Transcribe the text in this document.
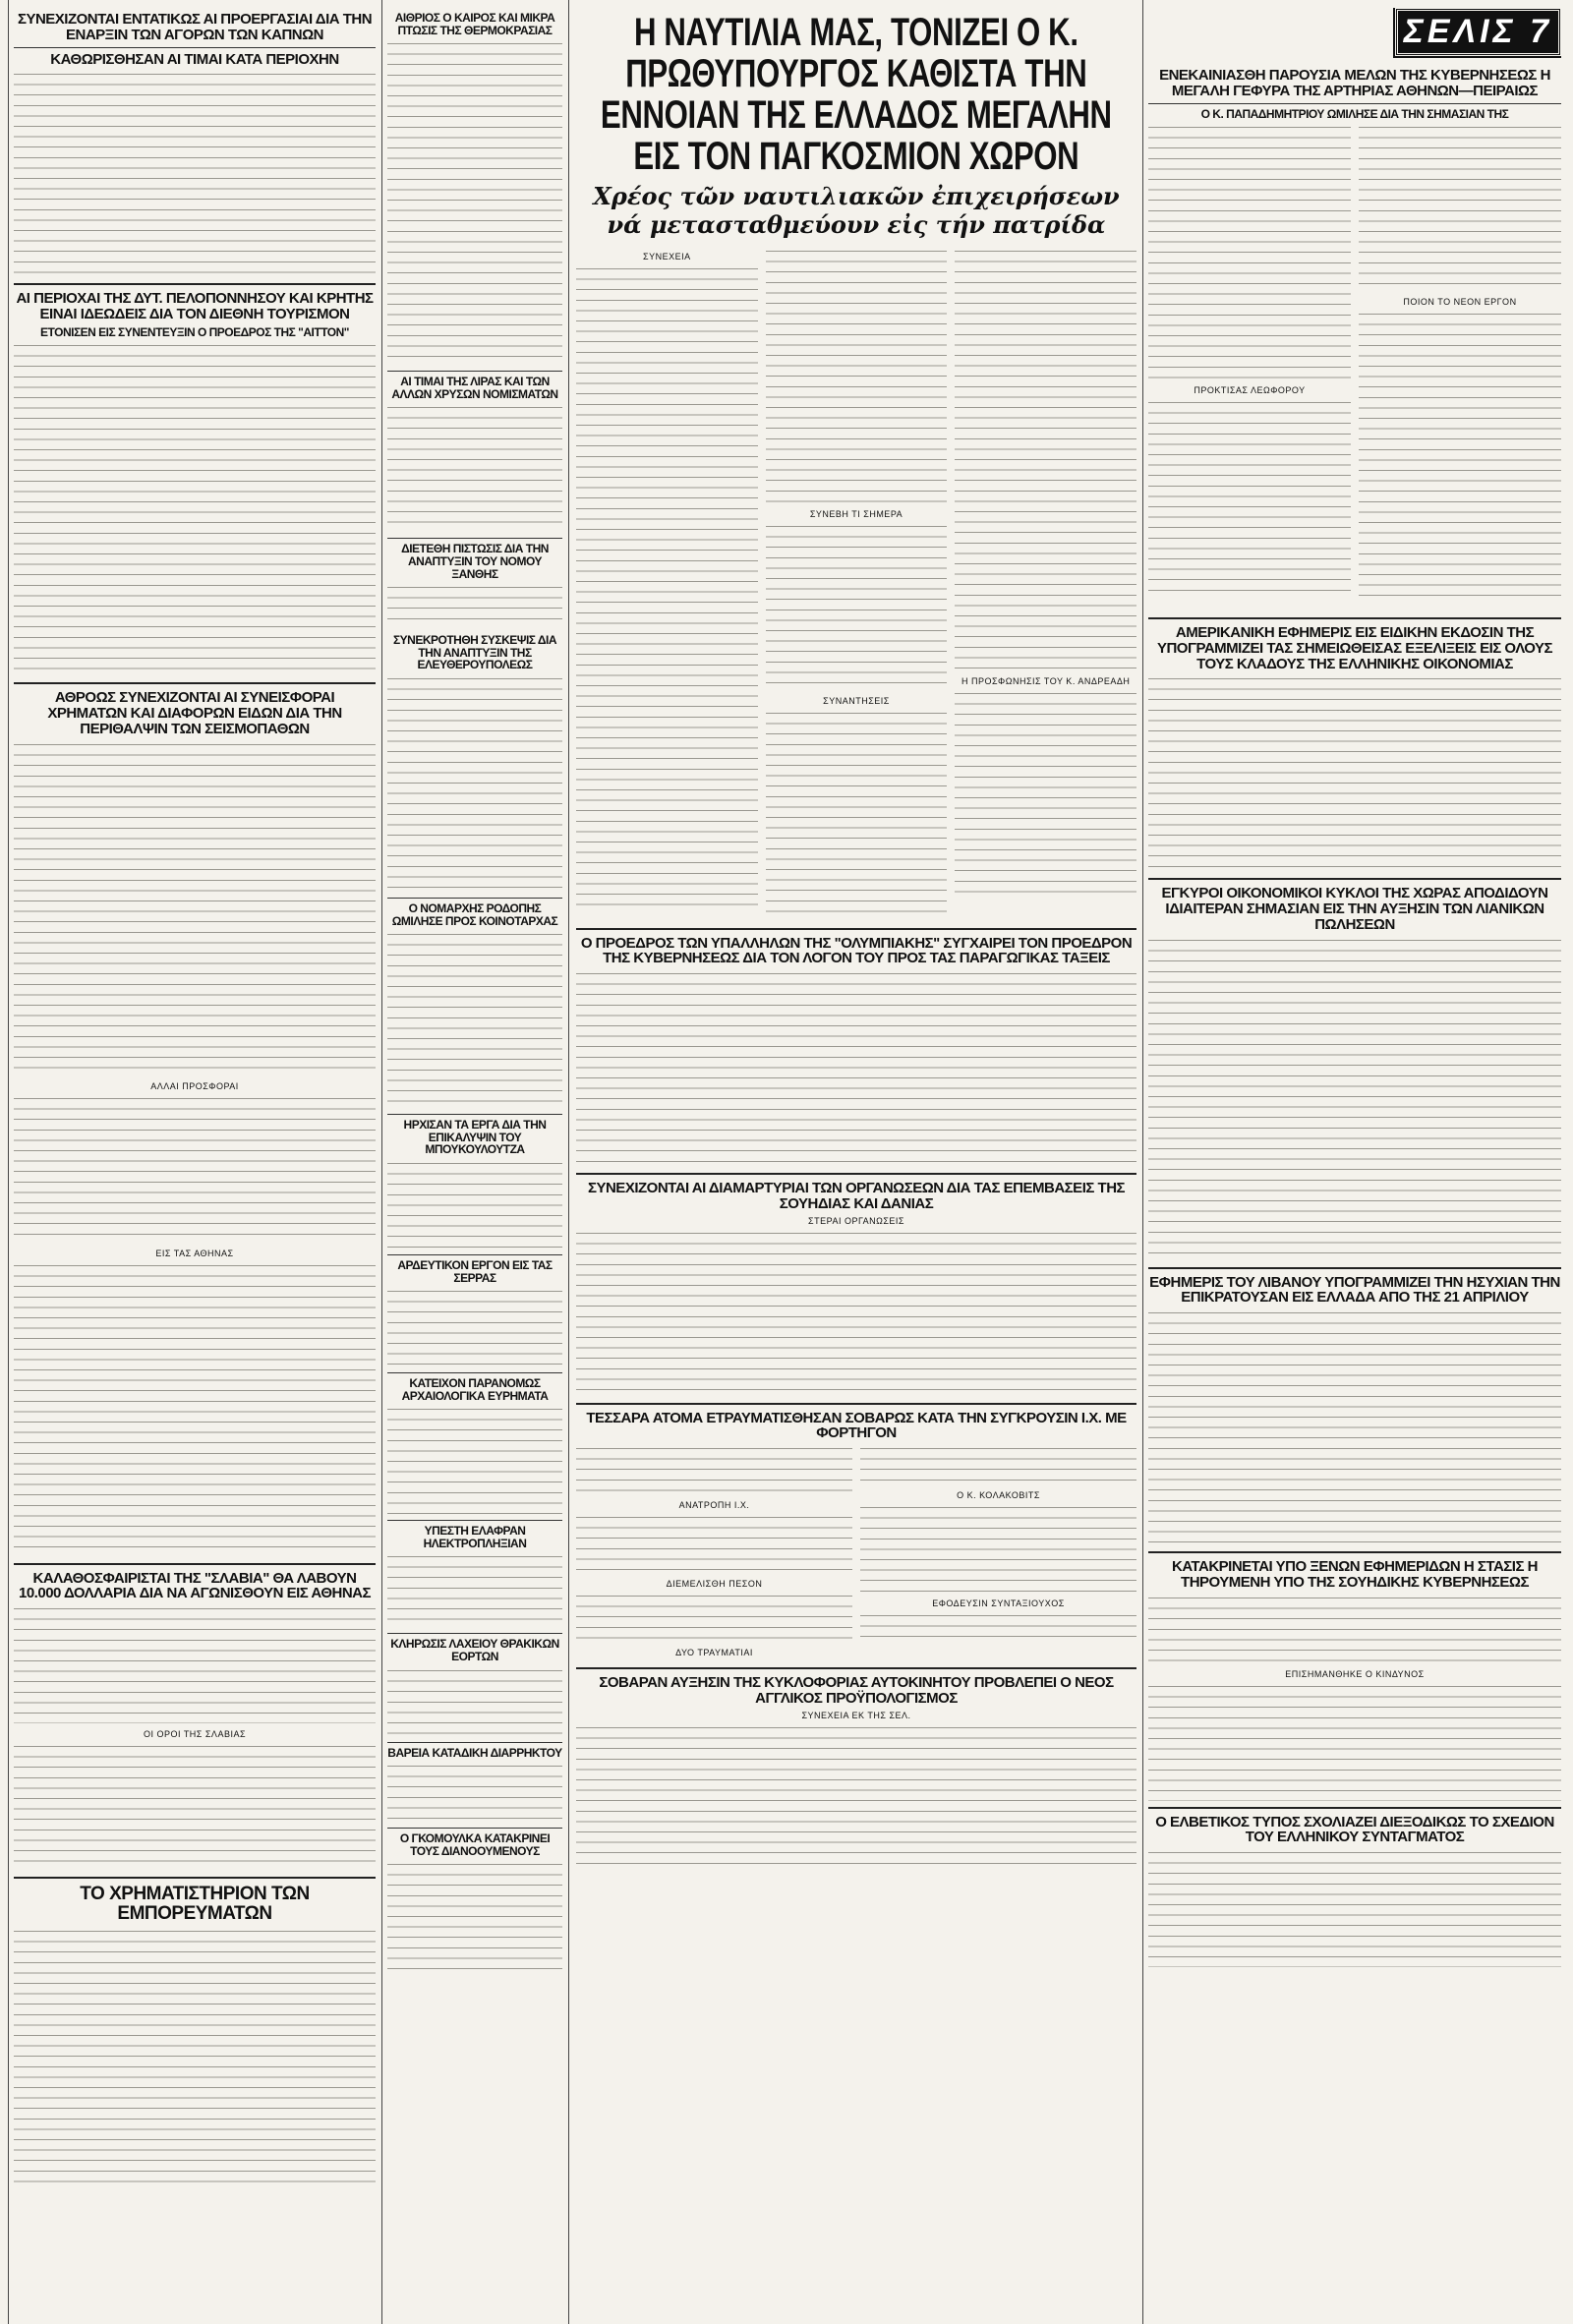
ΣΥΝΕΧΙΖΟΝΤΑΙ ΕΝΤΑΤΙΚΩΣ ΑΙ ΠΡΟΕΡΓΑΣΙΑΙ ΔΙΑ ΤΗΝ ΕΝΑΡΞΙΝ ΤΩΝ ΑΓΟΡΩΝ ΤΩΝ ΚΑΠΝΩΝ
ΚΑΘΩΡΙΣΘΗΣΑΝ ΑΙ ΤΙΜΑΙ ΚΑΤΑ ΠΕΡΙΟΧΗΝ
ΑΙ ΠΕΡΙΟΧΑΙ ΤΗΣ ΔΥΤ. ΠΕΛΟΠΟΝΝΗΣΟΥ ΚΑΙ ΚΡΗΤΗΣ ΕΙΝΑΙ ΙΔΕΩΔΕΙΣ ΔΙΑ ΤΟΝ ΔΙΕΘΝΗ ΤΟΥΡΙΣΜΟΝ
ΕΤΟΝΙΣΕΝ ΕΙΣ ΣΥΝΕΝΤΕΥΞΙΝ Ο ΠΡΟΕΔΡΟΣ ΤΗΣ "ΑΙΤΤΟΝ"
ΑΘΡΟΩΣ ΣΥΝΕΧΙΖΟΝΤΑΙ ΑΙ ΣΥΝΕΙΣΦΟΡΑΙ ΧΡΗΜΑΤΩΝ ΚΑΙ ΔΙΑΦΟΡΩΝ ΕΙΔΩΝ ΔΙΑ ΤΗΝ ΠΕΡΙΘΑΛΨΙΝ ΤΩΝ ΣΕΙΣΜΟΠΑΘΩΝ
ΑΛΛΑΙ ΠΡΟΣΦΟΡΑΙ
ΕΙΣ ΤΑΣ ΑΘΗΝΑΣ
ΚΑΛΑΘΟΣΦΑΙΡΙΣΤΑΙ ΤΗΣ "ΣΛΑΒΙΑ" ΘΑ ΛΑΒΟΥΝ 10.000 ΔΟΛΛΑΡΙΑ ΔΙΑ ΝΑ ΑΓΩΝΙΣΘΟΥΝ ΕΙΣ ΑΘΗΝΑΣ
ΟΙ ΟΡΟΙ ΤΗΣ ΣΛΑΒΙΑΣ
ΤΟ ΧΡΗΜΑΤΙΣΤΗΡΙΟΝ ΤΩΝ ΕΜΠΟΡΕΥΜΑΤΩΝ
ΑΙΘΡΙΟΣ Ο ΚΑΙΡΟΣ ΚΑΙ ΜΙΚΡΑ ΠΤΩΣΙΣ ΤΗΣ ΘΕΡΜΟΚΡΑΣΙΑΣ
ΑΙ ΤΙΜΑΙ ΤΗΣ ΛΙΡΑΣ ΚΑΙ ΤΩΝ ΑΛΛΩΝ ΧΡΥΣΩΝ ΝΟΜΙΣΜΑΤΩΝ
ΔΙΕΤΕΘΗ ΠΙΣΤΩΣΙΣ ΔΙΑ ΤΗΝ ΑΝΑΠΤΥΞΙΝ ΤΟΥ ΝΟΜΟΥ ΞΑΝΘΗΣ
ΣΥΝΕΚΡΟΤΗΘΗ ΣΥΣΚΕΨΙΣ ΔΙΑ ΤΗΝ ΑΝΑΠΤΥΞΙΝ ΤΗΣ ΕΛΕΥΘΕΡΟΥΠΟΛΕΩΣ
Ο ΝΟΜΑΡΧΗΣ ΡΟΔΟΠΗΣ ΩΜΙΛΗΣΕ ΠΡΟΣ ΚΟΙΝΟΤΑΡΧΑΣ
ΗΡΧΙΣΑΝ ΤΑ ΕΡΓΑ ΔΙΑ ΤΗΝ ΕΠΙΚΑΛΥΨΙΝ ΤΟΥ ΜΠΟΥΚΟΥΛΟΥΤΖΑ
ΑΡΔΕΥΤΙΚΟΝ ΕΡΓΟΝ ΕΙΣ ΤΑΣ ΣΕΡΡΑΣ
ΚΑΤΕΙΧΟΝ ΠΑΡΑΝΟΜΩΣ ΑΡΧΑΙΟΛΟΓΙΚΑ ΕΥΡΗΜΑΤΑ
ΥΠΕΣΤΗ ΕΛΑΦΡΑΝ ΗΛΕΚΤΡΟΠΛΗΞΙΑΝ
ΚΛΗΡΩΣΙΣ ΛΑΧΕΙΟΥ ΘΡΑΚΙΚΩΝ ΕΟΡΤΩΝ
ΒΑΡΕΙΑ ΚΑΤΑΔΙΚΗ ΔΙΑΡΡΗΚΤΟΥ
Ο ΓΚΟΜΟΥΛΚΑ ΚΑΤΑΚΡΙΝΕΙ ΤΟΥΣ ΔΙΑΝΟΟΥΜΕΝΟΥΣ
Η ΝΑΥΤΙΛΙΑ ΜΑΣ, ΤΟΝΙΖΕΙ Ο Κ. ΠΡΩΘΥΠΟΥΡΓΟΣ ΚΑΘΙΣΤΑ ΤΗΝ ΕΝΝΟΙΑΝ ΤΗΣ ΕΛΛΑΔΟΣ ΜΕΓΑΛΗΝ ΕΙΣ ΤΟΝ ΠΑΓΚΟΣΜΙΟΝ ΧΩΡΟΝ
Χρέος τῶν ναυτιλιακῶν ἐπιχειρήσεων νά μετασταθμεύουν εἰς τήν πατρίδα
ΣΥΝΕΧΕΙΑ
ΣΥΝΕΒΗ ΤΙ ΣΗΜΕΡΑ
ΣΥΝΑΝΤΗΣΕΙΣ
Η ΠΡΟΣΦΩΝΗΣΙΣ ΤΟΥ Κ. ΑΝΔΡΕΑΔΗ
Ο ΠΡΟΕΔΡΟΣ ΤΩΝ ΥΠΑΛΛΗΛΩΝ ΤΗΣ "ΟΛΥΜΠΙΑΚΗΣ" ΣΥΓΧΑΙΡΕΙ ΤΟΝ ΠΡΟΕΔΡΟΝ ΤΗΣ ΚΥΒΕΡΝΗΣΕΩΣ ΔΙΑ ΤΟΝ ΛΟΓΟΝ ΤΟΥ ΠΡΟΣ ΤΑΣ ΠΑΡΑΓΩΓΙΚΑΣ ΤΑΞΕΙΣ
ΣΥΝΕΧΙΖΟΝΤΑΙ ΑΙ ΔΙΑΜΑΡΤΥΡΙΑΙ ΤΩΝ ΟΡΓΑΝΩΣΕΩΝ ΔΙΑ ΤΑΣ ΕΠΕΜΒΑΣΕΙΣ ΤΗΣ ΣΟΥΗΔΙΑΣ ΚΑΙ ΔΑΝΙΑΣ
ΣΤΕΡΑΙ ΟΡΓΑΝΩΣΕΙΣ
ΤΕΣΣΑΡΑ ΑΤΟΜΑ ΕΤΡΑΥΜΑΤΙΣΘΗΣΑΝ ΣΟΒΑΡΩΣ ΚΑΤΑ ΤΗΝ ΣΥΓΚΡΟΥΣΙΝ Ι.Χ. ΜΕ ΦΟΡΤΗΓΟΝ
ΑΝΑΤΡΟΠΗ Ι.Χ.
ΔΙΕΜΕΛΙΣΘΗ ΠΕΣΟΝ
ΔΥΟ ΤΡΑΥΜΑΤΙΑΙ
Ο Κ. ΚΟΛΑΚΟΒΙΤΣ
ΕΦΟΔΕΥΣΙΝ ΣΥΝΤΑΞΙΟΥΧΟΣ
ΣΟΒΑΡΑΝ ΑΥΞΗΣΙΝ ΤΗΣ ΚΥΚΛΟΦΟΡΙΑΣ ΑΥΤΟΚΙΝΗΤΟΥ ΠΡΟΒΛΕΠΕΙ Ο ΝΕΟΣ ΑΓΓΛΙΚΟΣ ΠΡΟΫΠΟΛΟΓΙΣΜΟΣ
ΣΥΝΕΧΕΙΑ ΕΚ ΤΗΣ ΣΕΛ.
ΣΕΛΙΣ 7
ΕΝΕΚΑΙΝΙΑΣΘΗ ΠΑΡΟΥΣΙΑ ΜΕΛΩΝ ΤΗΣ ΚΥΒΕΡΝΗΣΕΩΣ Η ΜΕΓΑΛΗ ΓΕΦΥΡΑ ΤΗΣ ΑΡΤΗΡΙΑΣ ΑΘΗΝΩΝ—ΠΕΙΡΑΙΩΣ
Ο Κ. ΠΑΠΑΔΗΜΗΤΡΙΟΥ ΩΜΙΛΗΣΕ ΔΙΑ ΤΗΝ ΣΗΜΑΣΙΑΝ ΤΗΣ
ΠΡΟΚΤΙΣΑΣ ΛΕΩΦΟΡΟΥ
ΠΟΙΟΝ ΤΟ ΝΕΟΝ ΕΡΓΟΝ
ΑΜΕΡΙΚΑΝΙΚΗ ΕΦΗΜΕΡΙΣ ΕΙΣ ΕΙΔΙΚΗΝ ΕΚΔΟΣΙΝ ΤΗΣ ΥΠΟΓΡΑΜΜΙΖΕΙ ΤΑΣ ΣΗΜΕΙΩΘΕΙΣΑΣ ΕΞΕΛΙΞΕΙΣ ΕΙΣ ΟΛΟΥΣ ΤΟΥΣ ΚΛΑΔΟΥΣ ΤΗΣ ΕΛΛΗΝΙΚΗΣ ΟΙΚΟΝΟΜΙΑΣ
ΕΓΚΥΡΟΙ ΟΙΚΟΝΟΜΙΚΟΙ ΚΥΚΛΟΙ ΤΗΣ ΧΩΡΑΣ ΑΠΟΔΙΔΟΥΝ ΙΔΙΑΙΤΕΡΑΝ ΣΗΜΑΣΙΑΝ ΕΙΣ ΤΗΝ ΑΥΞΗΣΙΝ ΤΩΝ ΛΙΑΝΙΚΩΝ ΠΩΛΗΣΕΩΝ
ΕΦΗΜΕΡΙΣ ΤΟΥ ΛΙΒΑΝΟΥ ΥΠΟΓΡΑΜΜΙΖΕΙ ΤΗΝ ΗΣΥΧΙΑΝ ΤΗΝ ΕΠΙΚΡΑΤΟΥΣΑΝ ΕΙΣ ΕΛΛΑΔΑ ΑΠΟ ΤΗΣ 21 ΑΠΡΙΛΙΟΥ
ΚΑΤΑΚΡΙΝΕΤΑΙ ΥΠΟ ΞΕΝΩΝ ΕΦΗΜΕΡΙΔΩΝ Η ΣΤΑΣΙΣ Η ΤΗΡΟΥΜΕΝΗ ΥΠΟ ΤΗΣ ΣΟΥΗΔΙΚΗΣ ΚΥΒΕΡΝΗΣΕΩΣ
ΕΠΙΣΗΜΑΝΘΗΚΕ Ο ΚΙΝΔΥΝΟΣ
Ο ΕΛΒΕΤΙΚΟΣ ΤΥΠΟΣ ΣΧΟΛΙΑΖΕΙ ΔΙΕΞΟΔΙΚΩΣ ΤΟ ΣΧΕΔΙΟΝ ΤΟΥ ΕΛΛΗΝΙΚΟΥ ΣΥΝΤΑΓΜΑΤΟΣ
